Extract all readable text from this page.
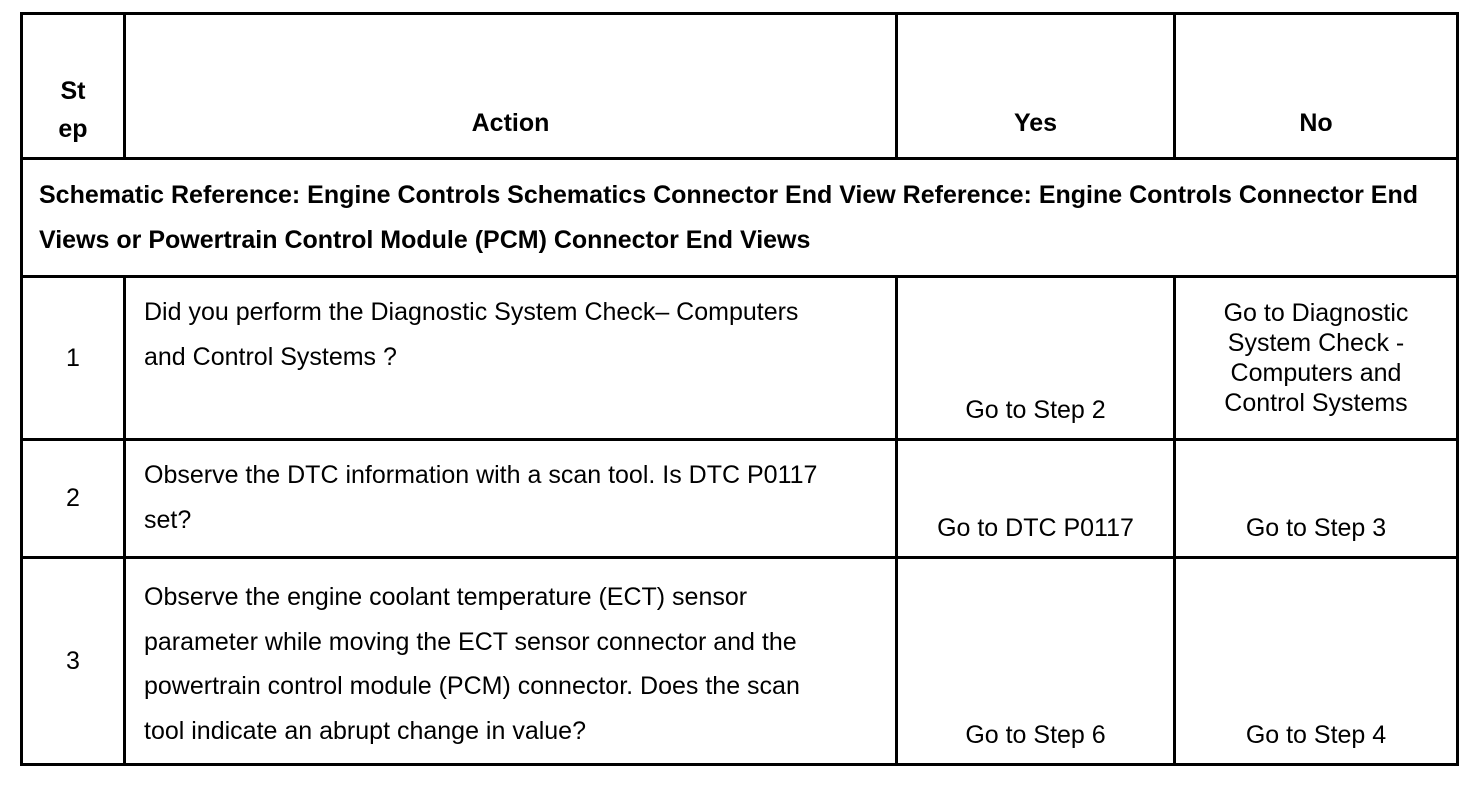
St ep	Action	Yes	No
Schematic Reference: Engine Controls Schematics Connector End View Reference: Engine Controls Connector End Views or Powertrain Control Module (PCM) Connector End Views			
1	Did you perform the Diagnostic System Check– Computers and Control Systems ?	Go to Step 2	Go to Diagnostic System Check - Computers and Control Systems
2	Observe the DTC information with a scan tool. Is DTC P0117 set?	Go to DTC P0117	Go to Step 3
3	Observe the engine coolant temperature (ECT) sensor parameter while moving the ECT sensor connector and the powertrain control module (PCM) connector. Does the scan tool indicate an abrupt change in value?	Go to Step 6	Go to Step 4
